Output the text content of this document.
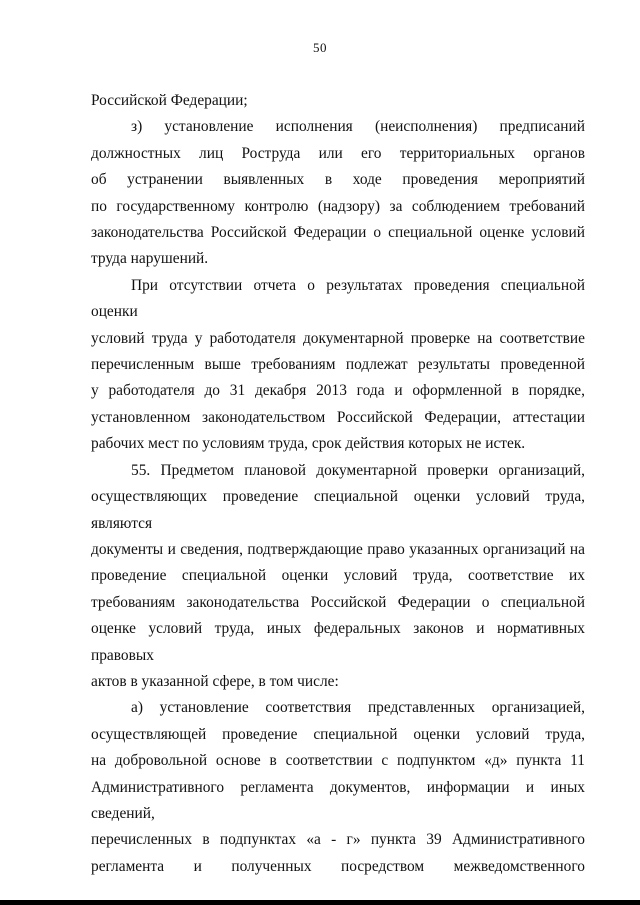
50
Российской Федерации;
з) установление исполнения (неисполнения) предписаний
должностных лиц Роструда или его территориальных органов
об устранении выявленных в ходе проведения мероприятий
по государственному контролю (надзору) за соблюдением требований
законодательства Российской Федерации о специальной оценке условий
труда нарушений.
При отсутствии отчета о результатах проведения специальной оценки
условий труда у работодателя документарной проверке на соответствие
перечисленным выше требованиям подлежат результаты проведенной
у работодателя до 31 декабря 2013 года и оформленной в порядке,
установленном законодательством Российской Федерации, аттестации
рабочих мест по условиям труда, срок действия которых не истек.
55. Предметом плановой документарной проверки организаций,
осуществляющих проведение специальной оценки условий труда, являются
документы и сведения, подтверждающие право указанных организаций на
проведение специальной оценки условий труда, соответствие их
требованиям законодательства Российской Федерации о специальной
оценке условий труда, иных федеральных законов и нормативных правовых
актов в указанной сфере, в том числе:
а) установление соответствия представленных организацией,
осуществляющей проведение специальной оценки условий труда,
на добровольной основе в соответствии с подпунктом «д» пункта 11
Административного регламента документов, информации и иных сведений,
перечисленных в подпунктах «а - г» пункта 39 Административного
регламента и полученных посредством межведомственного
